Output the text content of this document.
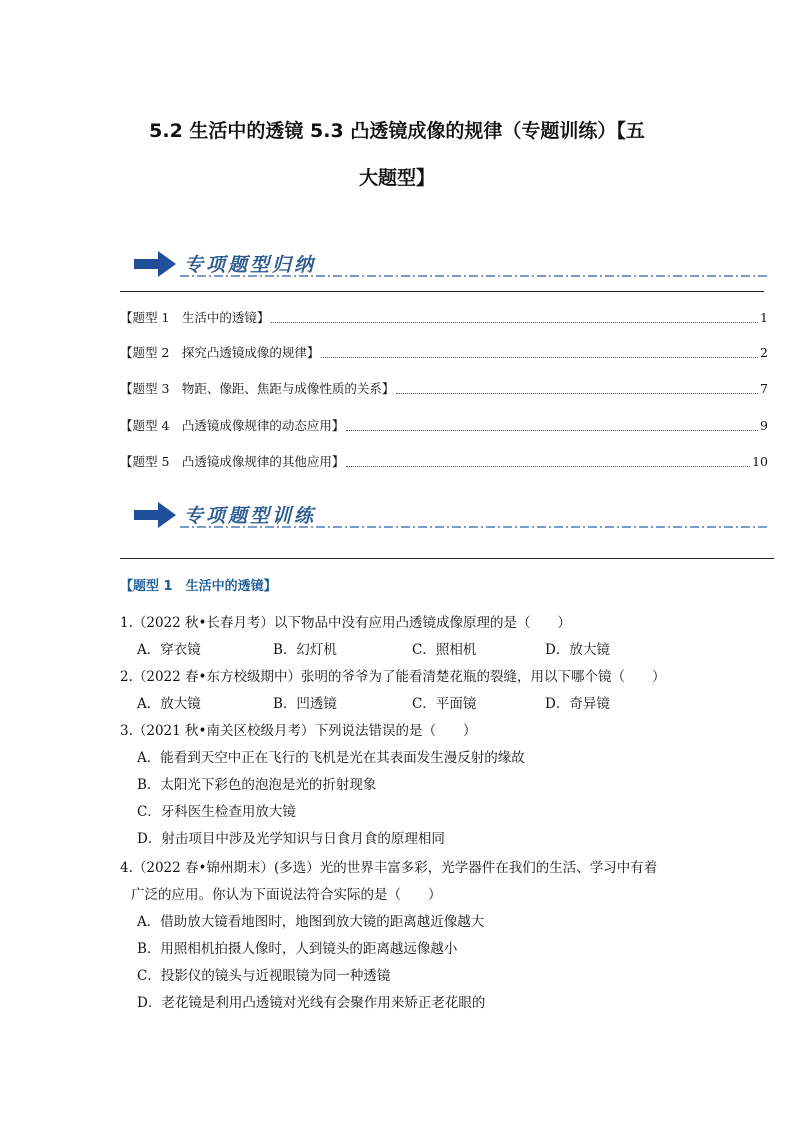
5.2 生活中的透镜 5.3 凸透镜成像的规律（专题训练）【五
大题型】
专项题型归纳
【题型 1　生活中的透镜】	1
【题型 2　探究凸透镜成像的规律】	2
【题型 3　物距、像距、焦距与成像性质的关系】	7
【题型 4　凸透镜成像规律的动态应用】	9
【题型 5　凸透镜成像规律的其他应用】	10
专项题型训练
【题型 1　生活中的透镜】
1.（2022 秋•长春月考）以下物品中没有应用凸透镜成像原理的是（　　）
A．穿衣镜	B．幻灯机	C．照相机	D．放大镜
2.（2022 春•东方校级期中）张明的爷爷为了能看清楚花瓶的裂缝，用以下哪个镜（　　）
A．放大镜	B．凹透镜	C．平面镜	D．奇异镜
3.（2021 秋•南关区校级月考）下列说法错误的是（　　）
A．能看到天空中正在飞行的飞机是光在其表面发生漫反射的缘故
B．太阳光下彩色的泡泡是光的折射现象
C．牙科医生检查用放大镜
D．射击项目中涉及光学知识与日食月食的原理相同
4.（2022 春•锦州期末）(多选）光的世界丰富多彩，光学器件在我们的生活、学习中有着
广泛的应用。你认为下面说法符合实际的是（　　）
A．借助放大镜看地图时，地图到放大镜的距离越近像越大
B．用照相机拍摄人像时，人到镜头的距离越远像越小
C．投影仪的镜头与近视眼镜为同一种透镜
D．老花镜是利用凸透镜对光线有会聚作用来矫正老花眼的
